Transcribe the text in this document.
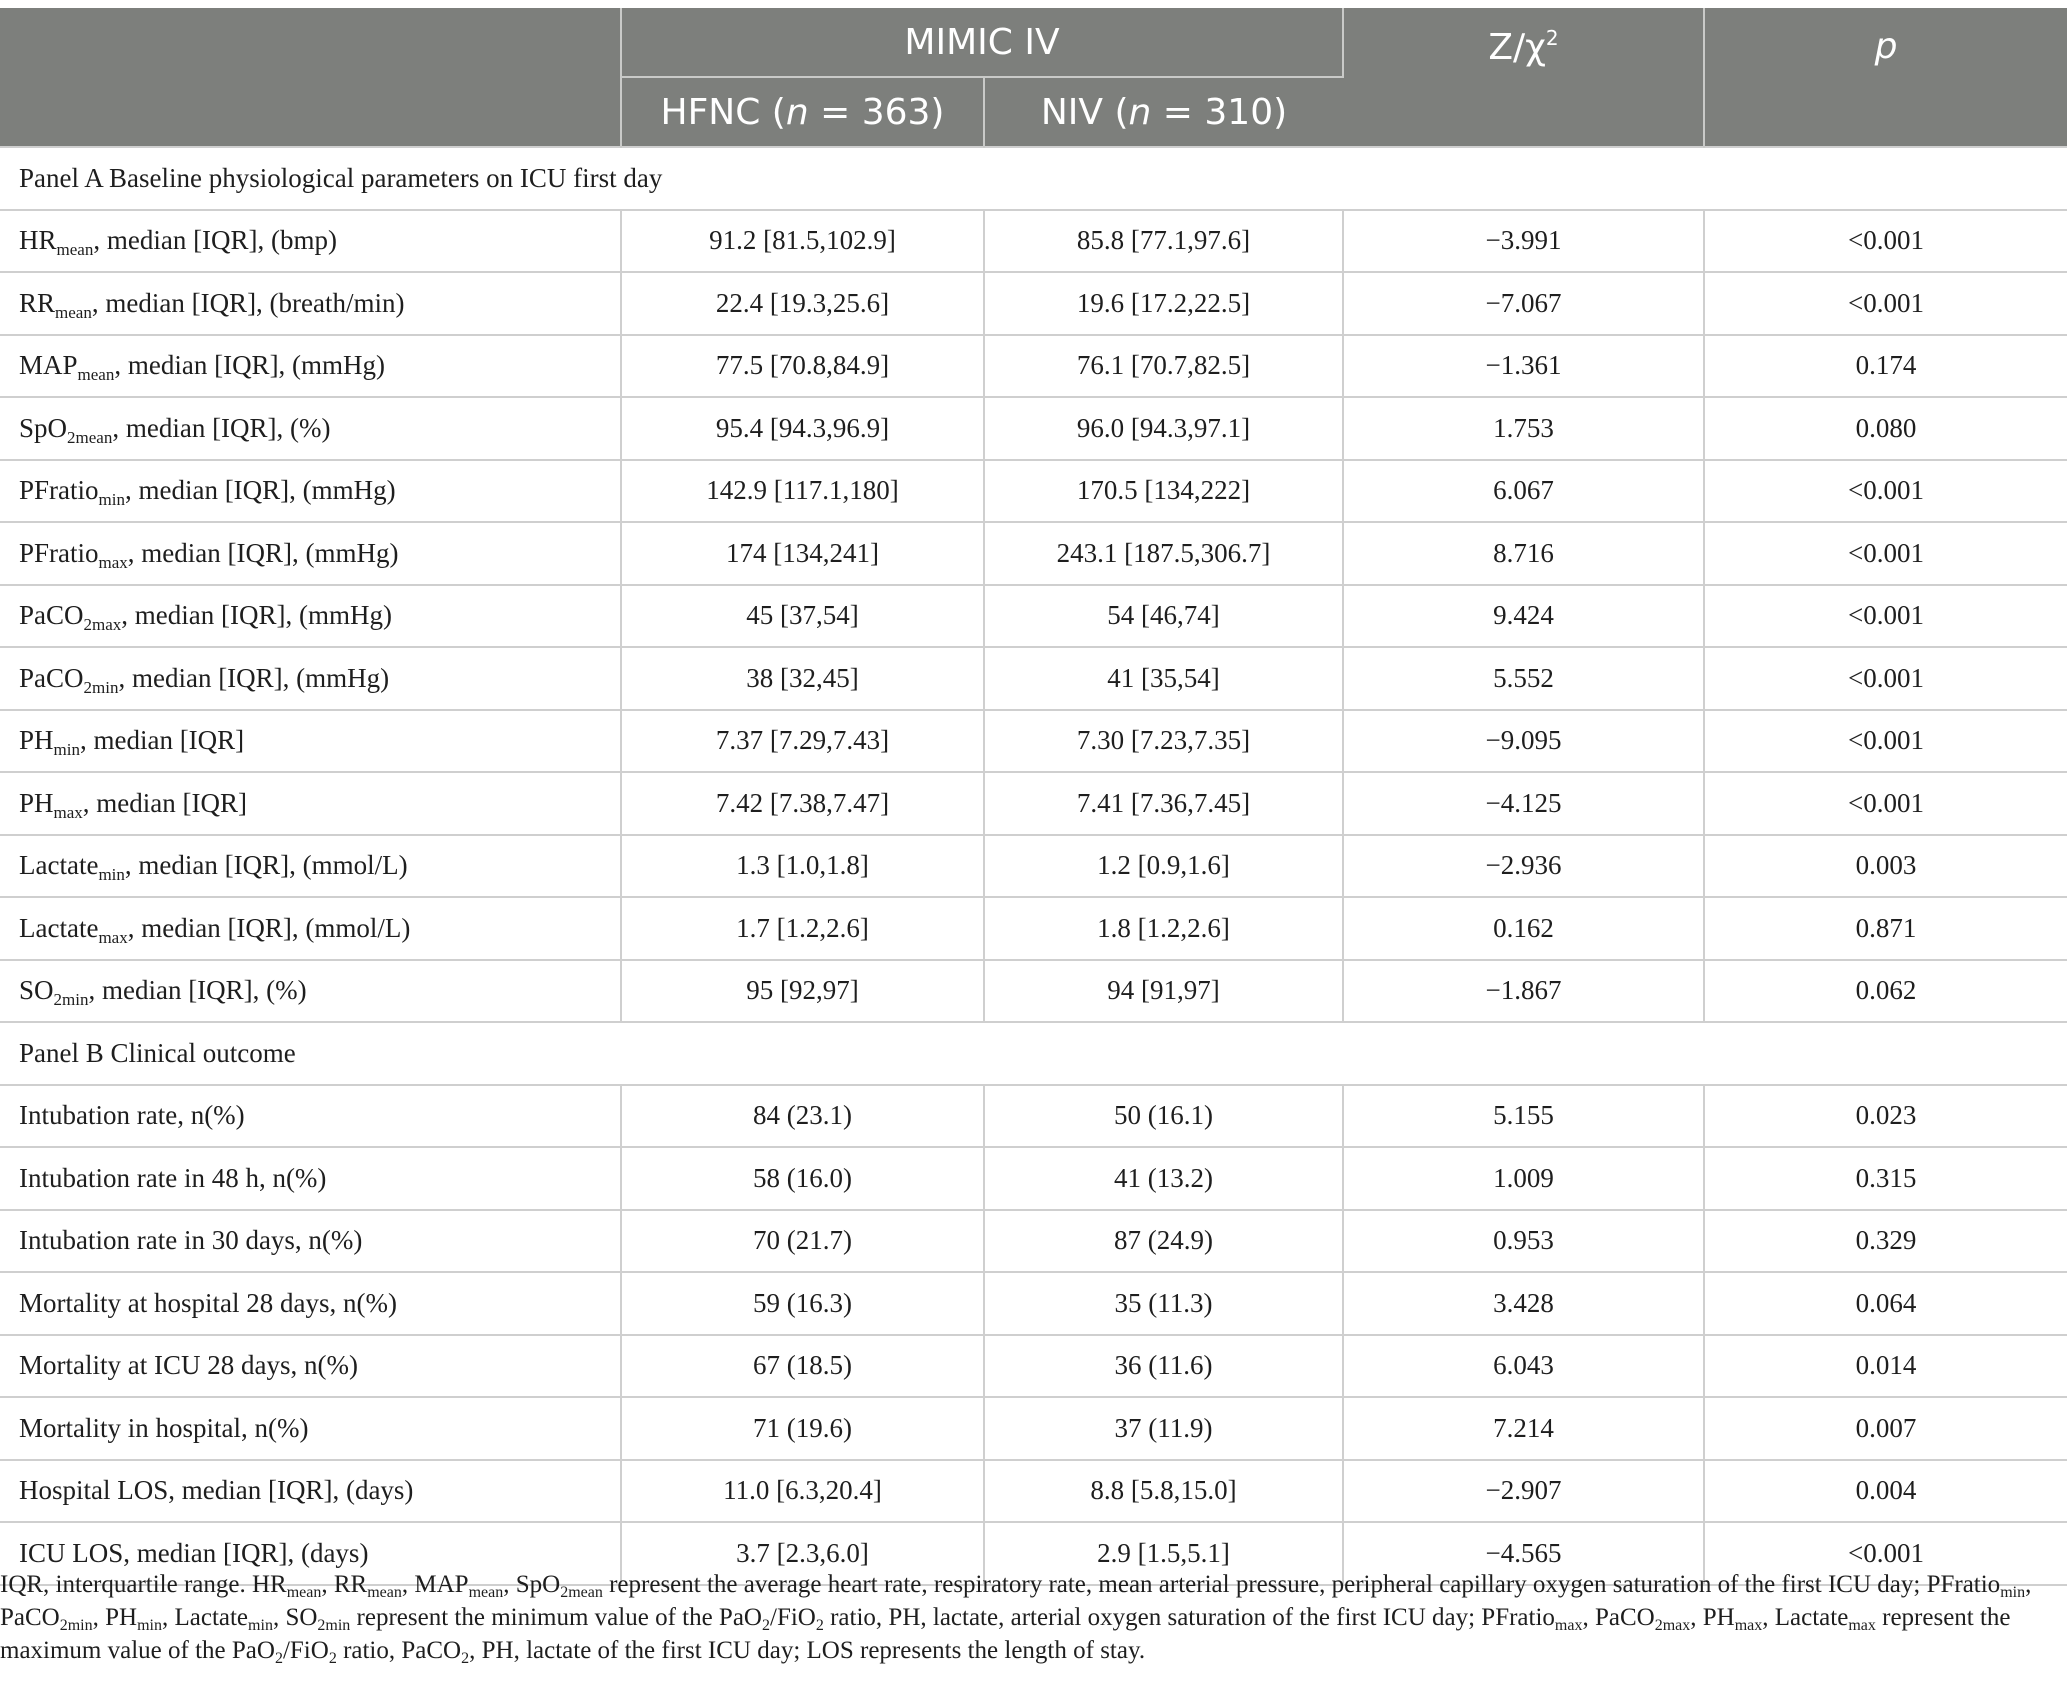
	MIMIC IV		$Z/\chi^2$	p
	HFNC (n = 363)	NIV (n = 310)		
Panel A Baseline physiological parameters on ICU first day				
$HR_{mean}$, median [IQR], (bmp)	91.2 [81.5,102.9]	85.8 [77.1,97.6]	−3.991	<0.001
$RR_{mean}$, median [IQR], (breath/min)	22.4 [19.3,25.6]	19.6 [17.2,22.5]	−7.067	<0.001
$MAP_{mean}$, median [IQR], (mmHg)	77.5 [70.8,84.9]	76.1 [70.7,82.5]	−1.361	0.174
SpO$_{2mean}$, median [IQR], (%)	95.4 [94.3,96.9]	96.0 [94.3,97.1]	1.753	0.080
PFratio$_{min}$, median [IQR], (mmHg)	142.9 [117.1,180]	170.5 [134,222]	6.067	<0.001
PFratio$_{max}$, median [IQR], (mmHg)	174 [134,241]	243.1 [187.5,306.7]	8.716	<0.001
PaCO$_{2max}$, median [IQR], (mmHg)	45 [37,54]	54 [46,74]	9.424	<0.001
PaCO$_{2min}$, median [IQR], (mmHg)	38 [32,45]	41 [35,54]	5.552	<0.001
$PH_{min}$, median [IQR]	7.37 [7.29,7.43]	7.30 [7.23,7.35]	−9.095	<0.001
$PH_{max}$, median [IQR]	7.42 [7.38,7.47]	7.41 [7.36,7.45]	−4.125	<0.001
Lactate$_{min}$, median [IQR], (mmol/L)	1.3 [1.0,1.8]	1.2 [0.9,1.6]	−2.936	0.003
Lactate$_{max}$, median [IQR], (mmol/L)	1.7 [1.2,2.6]	1.8 [1.2,2.6]	0.162	0.871
$SO_{2min}$, median [IQR], (%)	95 [92,97]	94 [91,97]	−1.867	0.062
Panel B Clinical outcome				
Intubation rate, n(%)	84 (23.1)	50 (16.1)	5.155	0.023
Intubation rate in 48 h, n(%)	58 (16.0)	41 (13.2)	1.009	0.315
Intubation rate in 30 days, n(%)	70 (21.7)	87 (24.9)	0.953	0.329
Mortality at hospital 28 days, n(%)	59 (16.3)	35 (11.3)	3.428	0.064
Mortality at ICU 28 days, n(%)	67 (18.5)	36 (11.6)	6.043	0.014
Mortality in hospital, n(%)	71 (19.6)	37 (11.9)	7.214	0.007
Hospital LOS, median [IQR], (days)	11.0 [6.3,20.4]	8.8 [5.8,15.0]	−2.907	0.004
ICU LOS, median [IQR], (days)	3.7 [2.3,6.0]	2.9 [1.5,5.1]	−4.565	<0.001
IQR, interquartile range. $HR_{mean}$, $RR_{mean}$, $MAP_{mean}$, SpO$_{2mean}$ represent the average heart rate, respiratory rate, mean arterial pressure, peripheral capillary oxygen saturation of the first ICU day; PFratio$_{min}$, PaCO$_{2min}$, $PH_{min}$, Lactate$_{min}$, $SO_{2min}$ represent the minimum value of the PaO$_2$/FiO$_2$ ratio, PH, lactate, arterial oxygen saturation of the first ICU day; PFratio$_{max}$, PaCO$_{2max}$, $PH_{max}$, Lactate$_{max}$ represent the maximum value of the PaO$_2$/FiO$_2$ ratio, PaCO$_2$, PH, lactate of the first ICU day; LOS represents the length of stay.
